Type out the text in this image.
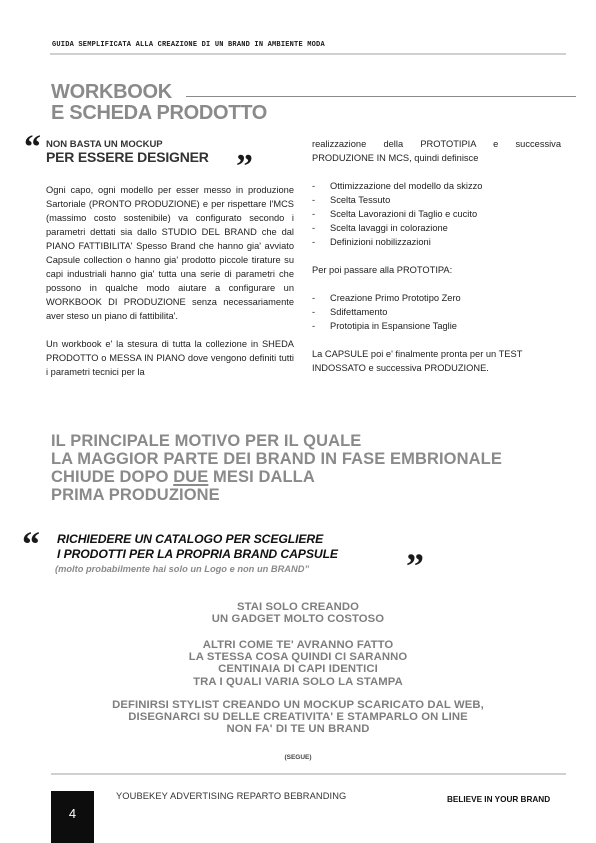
GUIDA SEMPLIFICATA ALLA CREAZIONE DI UN BRAND IN AMBIENTE MODA
WORKBOOK
E SCHEDA PRODOTTO
“ NON BASTA UN MOCKUP
PER ESSERE DESIGNER ”

Ogni capo, ogni modello per esser messo in produzione Sartoriale (PRONTO PRODUZIONE) e per rispettare l'MCS (massimo costo sostenibile) va configurato secondo i parametri dettati sia dallo STUDIO DEL BRAND che dal PIANO FATTIBILITA' Spesso Brand che hanno gia' avviato Capsule collection o hanno gia' prodotto piccole tirature su capi industriali hanno gia' tutta una serie di parametri che possono in qualche modo aiutare a configurare un WORKBOOK DI PRODUZIONE senza necessariamente aver steso un piano di fattibilita'.

Un workbook e' la stesura di tutta la collezione in SHEDA PRODOTTO o MESSA IN PIANO dove vengono definiti tutti i parametri tecnici per la

realizzazione della PROTOTIPIA e successiva PRODUZIONE IN MCS, quindi definisce

- Ottimizzazione del modello da skizzo
- Scelta Tessuto
- Scelta Lavorazioni di Taglio e cucito
- Scelta lavaggi in colorazione
- Definizioni nobilizzazioni

Per poi passare alla PROTOTIPA:

- Creazione Primo Prototipo Zero
- Sdifettamento
- Prototipia in Espansione Taglie

La CAPSULE poi e' finalmente pronta per un TEST INDOSSATO e successiva PRODUZIONE.

IL PRINCIPALE MOTIVO PER IL QUALE
LA MAGGIOR PARTE DEI BRAND IN FASE EMBRIONALE
CHIUDE DOPO DUE MESI DALLA
PRIMA PRODUZIONE
“ RICHIEDERE UN CATALOGO PER SCEGLIERE
I PRODOTTI PER LA PROPRIA BRAND CAPSULE
(molto probabilmente hai solo un Logo e non un BRAND”	”
STAI SOLO CREANDO
UN GADGET MOLTO COSTOSO
ALTRI COME TE' AVRANNO FATTO
LA STESSA COSA QUINDI CI SARANNO
CENTINAIA DI CAPI IDENTICI
TRA I QUALI VARIA SOLO LA STAMPA
DEFINIRSI STYLIST CREANDO UN MOCKUP SCARICATO DAL WEB,
DISEGNARCI SU DELLE CREATIVITA' E STAMPARLO ON LINE
NON FA' DI TE UN BRAND
(SEGUE)
4
YOUBEKEY ADVERTISING REPARTO BEBRANDING	BELIEVE IN YOUR BRAND
